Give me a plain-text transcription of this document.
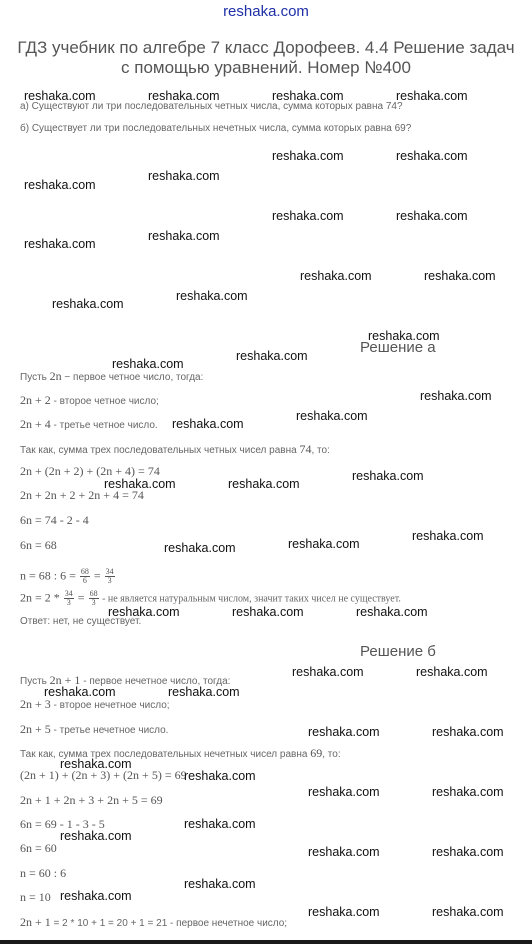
reshaka.com
ГДЗ учебник по алгебре 7 класс Дорофеев. 4.4 Решение задач
с помощью уравнений. Номер №400
а) Существуют ли три последовательных четных числа, сумма которых равна 74?
б) Существует ли три последовательных нечетных числа, сумма которых равна 69?
Решение а
Пусть 2n − первое четное число, тогда:
2n + 2 - второе четное число;
2n + 4 - третье четное число.
Так как, сумма трех последовательных четных чисел равна 74, то:
2n + (2n + 2) + (2n + 4) = 74
2n + 2n + 2 + 2n + 4 = 74
6n = 74 - 2 - 4
6n = 68
n = 68 : $6 = \frac{68}{6} = \frac{34}{3}$
$2n = 2 * \frac{34}{3} = \frac{68}{3}$ - не является натуральным числом, значит таких чисел не существует.
Ответ: нет, не существует.
Решение б
Пусть 2n + 1 - первое нечетное число, тогда:
2n + 3 - второе нечетное число;
2n + 5 - третье нечетное число.
Так как, сумма трех последовательных нечетных чисел равна 69, то:
(2n + 1) + (2n + 3) + (2n + 5) = 69
2n + 1 + 2n + 3 + 2n + 5 = 69
6n = 69 - 1 - 3 - 5
6n = 60
n = 60 : 6
n = 10
2n + 1 = 2 * 10 + 1 = 20 + 1 = 21 - первое нечетное число;
reshaka.com	reshaka.com	reshaka.com	reshaka.com
reshaka.com	reshaka.com
reshaka.com
reshaka.com
reshaka.com	reshaka.com
reshaka.com
reshaka.com
reshaka.com	reshaka.com
reshaka.com
reshaka.com
reshaka.com
reshaka.com
reshaka.com
reshaka.com
reshaka.com
reshaka.com
reshaka.com
reshaka.com
reshaka.com
reshaka.com
reshaka.com
reshaka.com
reshaka.com	reshaka.com	reshaka.com
reshaka.com	reshaka.com
reshaka.com	reshaka.com
reshaka.com	reshaka.com
reshaka.com
reshaka.com
reshaka.com	reshaka.com
reshaka.com
reshaka.com
reshaka.com	reshaka.com
reshaka.com
reshaka.com
reshaka.com	reshaka.com
